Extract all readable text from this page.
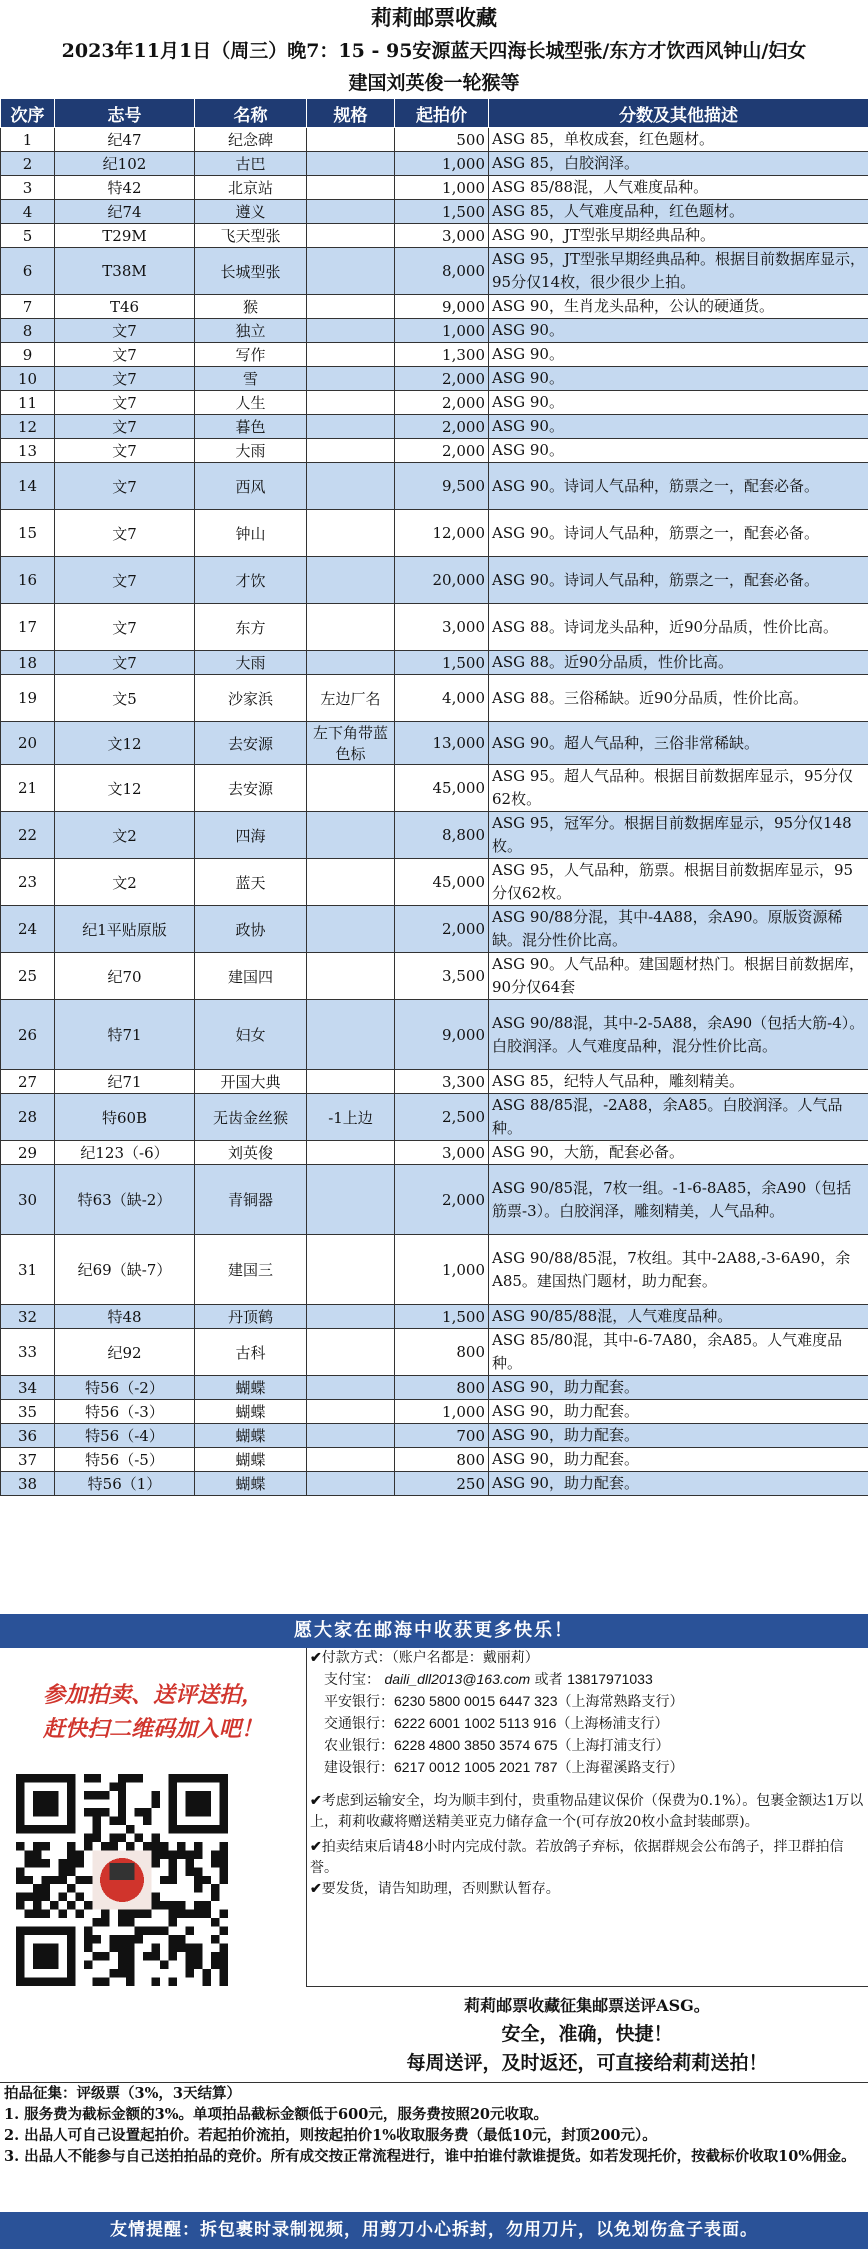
莉莉邮票收藏
2023年11月1日（周三）晚7：15 - 95安源蓝天四海长城型张/东方才饮西风钟山/妇女
建国刘英俊一轮猴等
次序	志号	名称	规格	起拍价	分数及其他描述
1	纪47	纪念碑		500	ASG 85，单枚成套，红色题材。
2	纪102	古巴		1,000	ASG 85，白胶润泽。
3	特42	北京站		1,000	ASG 85/88混，人气难度品种。
4	纪74	遵义		1,500	ASG 85，人气难度品种，红色题材。
5	T29M	飞天型张		3,000	ASG 90，JT型张早期经典品种。
6	T38M	长城型张		8,000	ASG 95，JT型张早期经典品种。根据目前数据库显示，95分仅14枚，很少很少上拍。
7	T46	猴		9,000	ASG 90，生肖龙头品种，公认的硬通货。
8	文7	独立		1,000	ASG 90。
9	文7	写作		1,300	ASG 90。
10	文7	雪		2,000	ASG 90。
11	文7	人生		2,000	ASG 90。
12	文7	暮色		2,000	ASG 90。
13	文7	大雨		2,000	ASG 90。
14	文7	西风		9,500	ASG 90。诗词人气品种，筋票之一，配套必备。
15	文7	钟山		12,000	ASG 90。诗词人气品种，筋票之一，配套必备。
16	文7	才饮		20,000	ASG 90。诗词人气品种，筋票之一，配套必备。
17	文7	东方		3,000	ASG 88。诗词龙头品种，近90分品质，性价比高。
18	文7	大雨		1,500	ASG 88。近90分品质，性价比高。
19	文5	沙家浜	左边厂名	4,000	ASG 88。三俗稀缺。近90分品质，性价比高。
20	文12	去安源	左下角带蓝色标	13,000	ASG 90。超人气品种，三俗非常稀缺。
21	文12	去安源		45,000	ASG 95。超人气品种。根据目前数据库显示，95分仅62枚。
22	文2	四海		8,800	ASG 95，冠军分。根据目前数据库显示，95分仅148枚。
23	文2	蓝天		45,000	ASG 95，人气品种，筋票。根据目前数据库显示，95分仅62枚。
24	纪1平贴原版	政协		2,000	ASG 90/88分混，其中-4A88，余A90。原版资源稀缺。混分性价比高。
25	纪70	建国四		3,500	ASG 90。人气品种。建国题材热门。根据目前数据库，90分仅64套
26	特71	妇女		9,000	ASG 90/88混，其中-2-5A88，余A90（包括大筋-4）。白胶润泽。人气难度品种，混分性价比高。
27	纪71	开国大典		3,300	ASG 85，纪特人气品种，雕刻精美。
28	特60B	无齿金丝猴	-1上边	2,500	ASG 88/85混，-2A88，余A85。白胶润泽。人气品种。
29	纪123（-6）	刘英俊		3,000	ASG 90，大筋，配套必备。
30	特63（缺-2）	青铜器		2,000	ASG 90/85混，7枚一组。-1-6-8A85，余A90（包括筋票-3）。白胶润泽，雕刻精美，人气品种。
31	纪69（缺-7）	建国三		1,000	ASG 90/88/85混，7枚组。其中-2A88,-3-6A90，余A85。建国热门题材，助力配套。
32	特48	丹顶鹤		1,500	ASG 90/85/88混，人气难度品种。
33	纪92	古科		800	ASG 85/80混，其中-6-7A80，余A85。人气难度品种。
34	特56（-2）	蝴蝶		800	ASG 90，助力配套。
35	特56（-3）	蝴蝶		1,000	ASG 90，助力配套。
36	特56（-4）	蝴蝶		700	ASG 90，助力配套。
37	特56（-5）	蝴蝶		800	ASG 90，助力配套。
38	特56（1）	蝴蝶		250	ASG 90，助力配套。
愿大家在邮海中收获更多快乐！
参加拍卖、送评送拍，
赶快扫二维码加入吧！
✔付款方式：（账户名都是：戴丽莉）
支付宝： daili_dll2013@163.com 或者 13817971033
平安银行：6230 5800 0015 6447 323（上海常熟路支行）
交通银行：6222 6001 1002 5113 916（上海杨浦支行）
农业银行：6228 4800 3850 3574 675（上海打浦支行）
建设银行：6217 0012 1005 2021 787（上海翟溪路支行）
✔考虑到运输安全，均为顺丰到付，贵重物品建议保价（保费为0.1%）。包裹金额达1万以上，莉莉收藏将赠送精美亚克力储存盒一个(可存放20枚小盒封装邮票)。
✔拍卖结束后请48小时内完成付款。若放鸽子弃标，依据群规会公布鸽子，拌卫群拍信誉。
✔要发货，请告知助理，否则默认暂存。
莉莉邮票收藏征集邮票送评ASG。
安全，准确，快捷！
每周送评，及时返还，可直接给莉莉送拍！
拍品征集：评级票（3%，3天结算）
1. 服务费为截标金额的3%。单项拍品截标金额低于600元，服务费按照20元收取。
2. 出品人可自己设置起拍价。若起拍价流拍，则按起拍价1%收取服务费（最低10元，封顶200元）。
3. 出品人不能参与自己送拍拍品的竞价。所有成交按正常流程进行，谁中拍谁付款谁提货。如若发现托价，按截标价收取10%佣金。
友情提醒：拆包裹时录制视频，用剪刀小心拆封，勿用刀片，以免划伤盒子表面。
